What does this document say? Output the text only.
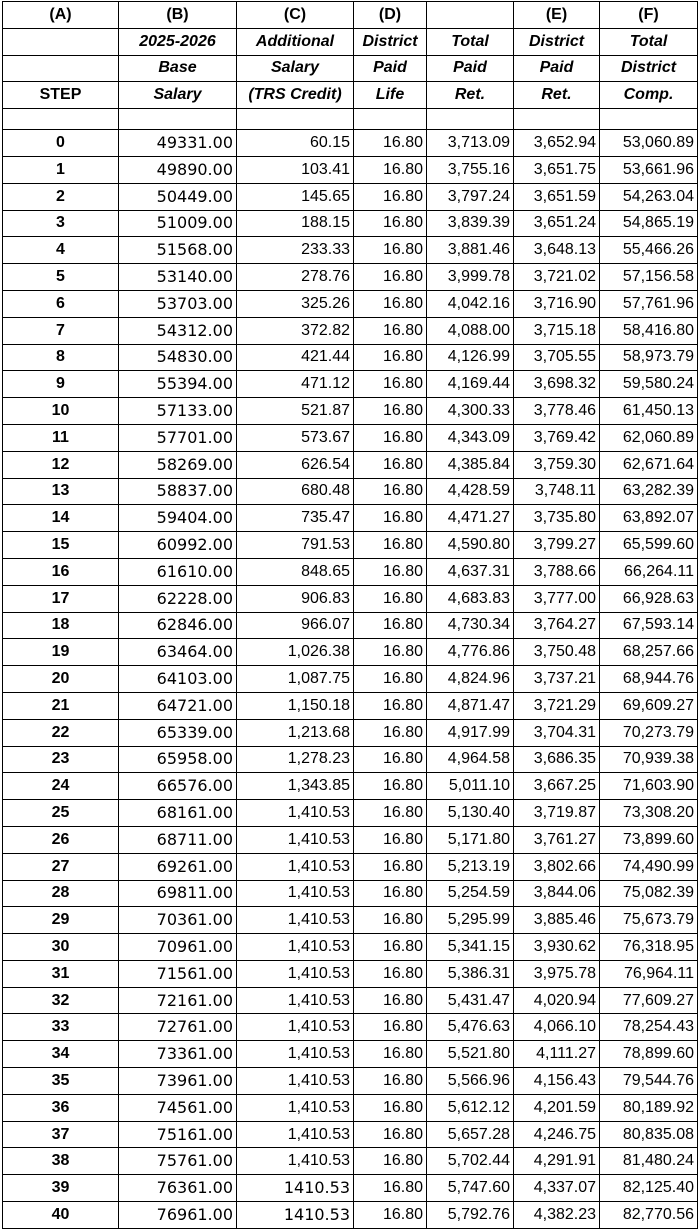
(A)	(B)	(C)	(D)		(E)	(F)
	2025-2026	Additional	District	Total	District	Total
	Base	Salary	Paid	Paid	Paid	District
STEP	Salary	(TRS Credit)	Life	Ret.	Ret.	Comp.

0	49331.00	60.15	16.80	3,713.09	3,652.94	53,060.89
1	49890.00	103.41	16.80	3,755.16	3,651.75	53,661.96
2	50449.00	145.65	16.80	3,797.24	3,651.59	54,263.04
3	51009.00	188.15	16.80	3,839.39	3,651.24	54,865.19
4	51568.00	233.33	16.80	3,881.46	3,648.13	55,466.26
5	53140.00	278.76	16.80	3,999.78	3,721.02	57,156.58
6	53703.00	325.26	16.80	4,042.16	3,716.90	57,761.96
7	54312.00	372.82	16.80	4,088.00	3,715.18	58,416.80
8	54830.00	421.44	16.80	4,126.99	3,705.55	58,973.79
9	55394.00	471.12	16.80	4,169.44	3,698.32	59,580.24
10	57133.00	521.87	16.80	4,300.33	3,778.46	61,450.13
11	57701.00	573.67	16.80	4,343.09	3,769.42	62,060.89
12	58269.00	626.54	16.80	4,385.84	3,759.30	62,671.64
13	58837.00	680.48	16.80	4,428.59	3,748.11	63,282.39
14	59404.00	735.47	16.80	4,471.27	3,735.80	63,892.07
15	60992.00	791.53	16.80	4,590.80	3,799.27	65,599.60
16	61610.00	848.65	16.80	4,637.31	3,788.66	66,264.11
17	62228.00	906.83	16.80	4,683.83	3,777.00	66,928.63
18	62846.00	966.07	16.80	4,730.34	3,764.27	67,593.14
19	63464.00	1,026.38	16.80	4,776.86	3,750.48	68,257.66
20	64103.00	1,087.75	16.80	4,824.96	3,737.21	68,944.76
21	64721.00	1,150.18	16.80	4,871.47	3,721.29	69,609.27
22	65339.00	1,213.68	16.80	4,917.99	3,704.31	70,273.79
23	65958.00	1,278.23	16.80	4,964.58	3,686.35	70,939.38
24	66576.00	1,343.85	16.80	5,011.10	3,667.25	71,603.90
25	68161.00	1,410.53	16.80	5,130.40	3,719.87	73,308.20
26	68711.00	1,410.53	16.80	5,171.80	3,761.27	73,899.60
27	69261.00	1,410.53	16.80	5,213.19	3,802.66	74,490.99
28	69811.00	1,410.53	16.80	5,254.59	3,844.06	75,082.39
29	70361.00	1,410.53	16.80	5,295.99	3,885.46	75,673.79
30	70961.00	1,410.53	16.80	5,341.15	3,930.62	76,318.95
31	71561.00	1,410.53	16.80	5,386.31	3,975.78	76,964.11
32	72161.00	1,410.53	16.80	5,431.47	4,020.94	77,609.27
33	72761.00	1,410.53	16.80	5,476.63	4,066.10	78,254.43
34	73361.00	1,410.53	16.80	5,521.80	4,111.27	78,899.60
35	73961.00	1,410.53	16.80	5,566.96	4,156.43	79,544.76
36	74561.00	1,410.53	16.80	5,612.12	4,201.59	80,189.92
37	75161.00	1,410.53	16.80	5,657.28	4,246.75	80,835.08
38	75761.00	1,410.53	16.80	5,702.44	4,291.91	81,480.24
39	76361.00	1410.53	16.80	5,747.60	4,337.07	82,125.40
40	76961.00	1410.53	16.80	5,792.76	4,382.23	82,770.56
